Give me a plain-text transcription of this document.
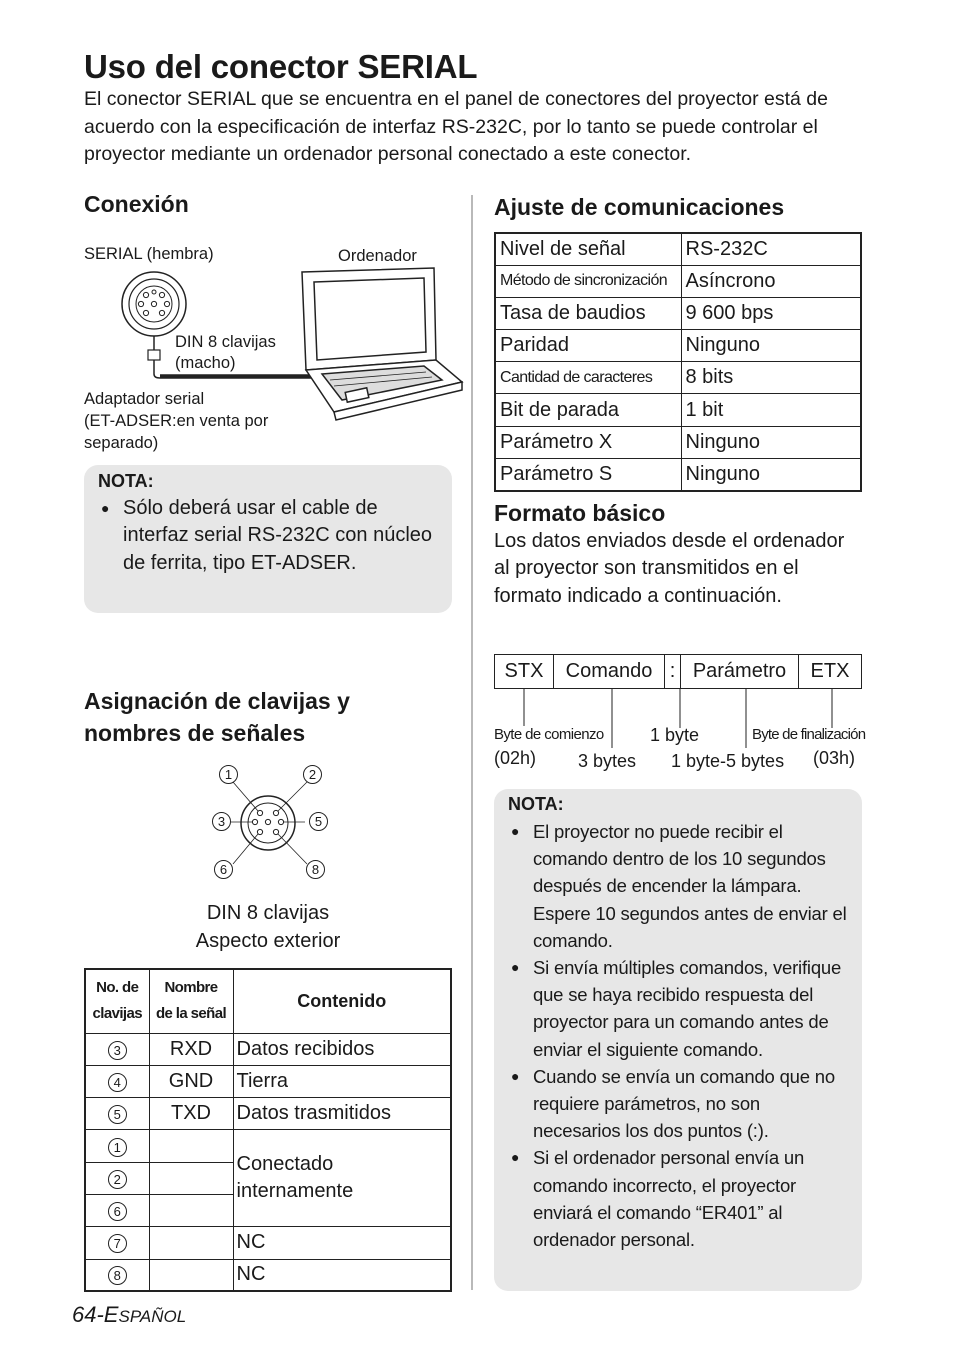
Uso del conector SERIAL

El conector SERIAL que se encuentra en el panel de conectores del proyector está de acuerdo con la especificación de interfaz RS-232C, por lo tanto se puede controlar el proyector mediante un ordenador personal conectado a este conector.

Conexión
SERIAL (hembra)	Ordenador
DIN 8 clavijas
(macho)
Adaptador serial
(ET-ADSER:en venta por
separado)
NOTA:
● Sólo deberá usar el cable de interfaz serial RS-232C con núcleo de ferrita, tipo ET-ADSER.
Asignación de clavijas y
nombres de señales
1	2
3	5
6	8
DIN 8 clavijas
Aspecto exterior
No. de
clavijas	Nombre
de la señal	Contenido
3	RXD	Datos recibidos
4	GND	Tierra
5	TXD	Datos trasmitidos
1		Conectado internamente
2		
6		
7		NC
8		NC
64-ESPAÑOL
Ajuste de comunicaciones
Nivel de señal	RS-232C
Método de sincronización	Asíncrono
Tasa de baudios	9 600 bps
Paridad	Ninguno
Cantidad de caracteres	8 bits
Bit de parada	1 bit
Parámetro X	Ninguno
Parámetro S	Ninguno
Formato básico

Los datos enviados desde el ordenador al proyector son transmitidos en el formato indicado a continuación.

STX	Comando	:	Parámetro	ETX
Byte de comienzo
(02h) 3 bytes
1 byte
1 byte-5 bytes
Byte de finalización
(03h)
NOTA:
● El proyector no puede recibir el comando dentro de los 10 segundos después de encender la lámpara. Espere 10 segundos antes de enviar el comando.
● Si envía múltiples comandos, verifique que se haya recibido respuesta del proyector para un comando antes de enviar el siguiente comando.
● Cuando se envía un comando que no requiere parámetros, no son necesarios los dos puntos (:).
● Si el ordenador personal envía un comando incorrecto, el proyector enviará el comando “ER401” al ordenador personal.
